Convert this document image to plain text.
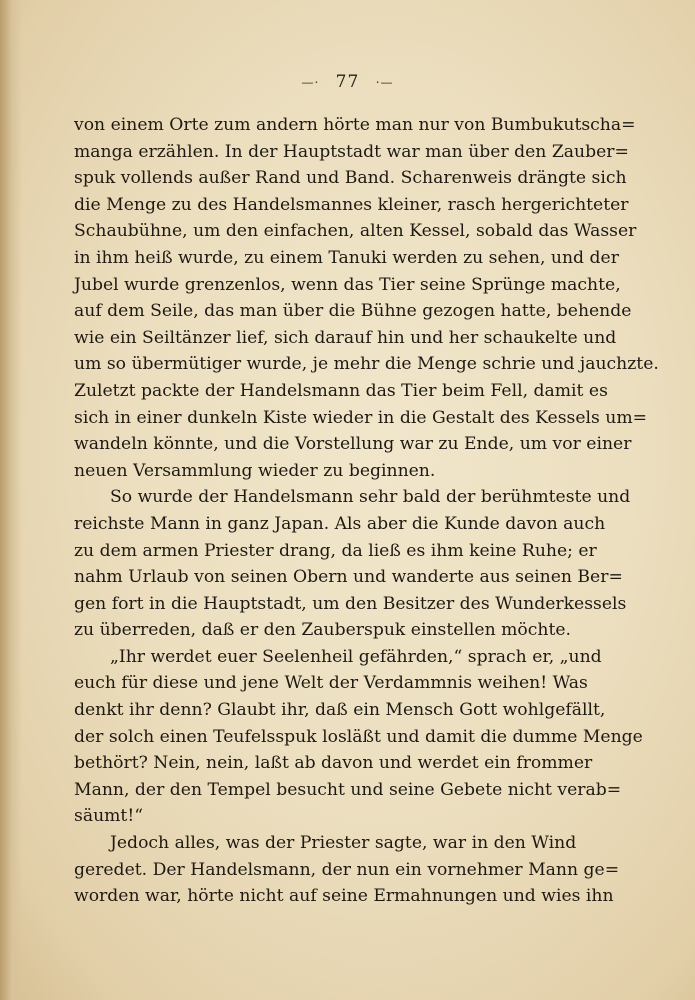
—· 77 ·—
von einem Orte zum andern hörte man nur von Bumbukutscha=
manga erzählen. In der Hauptstadt war man über den Zauber=
spuk vollends außer Rand und Band. Scharenweis drängte sich
die Menge zu des Handelsmannes kleiner, rasch hergerichteter
Schaubühne, um den einfachen, alten Kessel, sobald das Wasser
in ihm heiß wurde, zu einem Tanuki werden zu sehen, und der
Jubel wurde grenzenlos, wenn das Tier seine Sprünge machte,
auf dem Seile, das man über die Bühne gezogen hatte, behende
wie ein Seiltänzer lief, sich darauf hin und her schaukelte und
um so übermütiger wurde, je mehr die Menge schrie und jauchzte.
Zuletzt packte der Handelsmann das Tier beim Fell, damit es
sich in einer dunkeln Kiste wieder in die Gestalt des Kessels um=
wandeln könnte, und die Vorstellung war zu Ende, um vor einer
neuen Versammlung wieder zu beginnen.
So wurde der Handelsmann sehr bald der berühmteste und
reichste Mann in ganz Japan. Als aber die Kunde davon auch
zu dem armen Priester drang, da ließ es ihm keine Ruhe; er
nahm Urlaub von seinen Obern und wanderte aus seinen Ber=
gen fort in die Hauptstadt, um den Besitzer des Wunderkessels
zu überreden, daß er den Zauberspuk einstellen möchte.
„Ihr werdet euer Seelenheil gefährden,“ sprach er, „und
euch für diese und jene Welt der Verdammnis weihen! Was
denkt ihr denn? Glaubt ihr, daß ein Mensch Gott wohlgefällt,
der solch einen Teufelsspuk losläßt und damit die dumme Menge
bethört? Nein, nein, laßt ab davon und werdet ein frommer
Mann, der den Tempel besucht und seine Gebete nicht verab=
säumt!“
Jedoch alles, was der Priester sagte, war in den Wind
geredet. Der Handelsmann, der nun ein vornehmer Mann ge=
worden war, hörte nicht auf seine Ermahnungen und wies ihn
